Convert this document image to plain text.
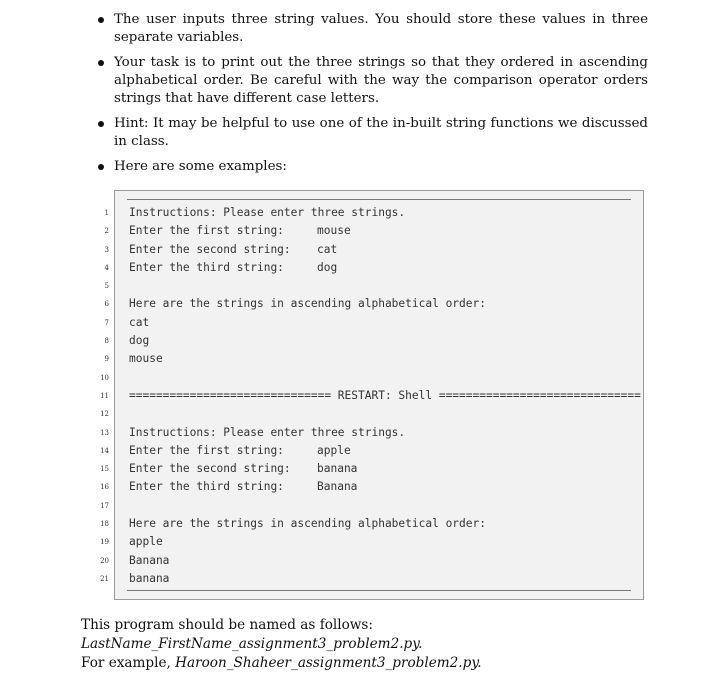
The user inputs three string values. You should store these values in three separate variables.
Your task is to print out the three strings so that they ordered in ascending alphabetical order. Be careful with the way the comparison operator orders strings that have different case letters.
Hint: It may be helpful to use one of the in-built string functions we discussed in class.
Here are some examples:
1 Instructions: Please enter three strings.
2 Enter the first string:	mouse
3 Enter the second string: cat
4 Enter the third string:	dog
5
6 Here are the strings in ascending alphabetical order:
7 cat
8 dog
9 mouse
10
11 ============================== RESTART: Shell ==============================
12
13 Instructions: Please enter three strings.
14 Enter the first string:	apple
15 Enter the second string: banana
16 Enter the third string:	Banana
17
18 Here are the strings in ascending alphabetical order:
19 apple
20 Banana
21 banana
This program should be named as follows: LastName_FirstName_assignment3_problem2.py.
For example, Haroon_Shaheer_assignment3_problem2.py.
